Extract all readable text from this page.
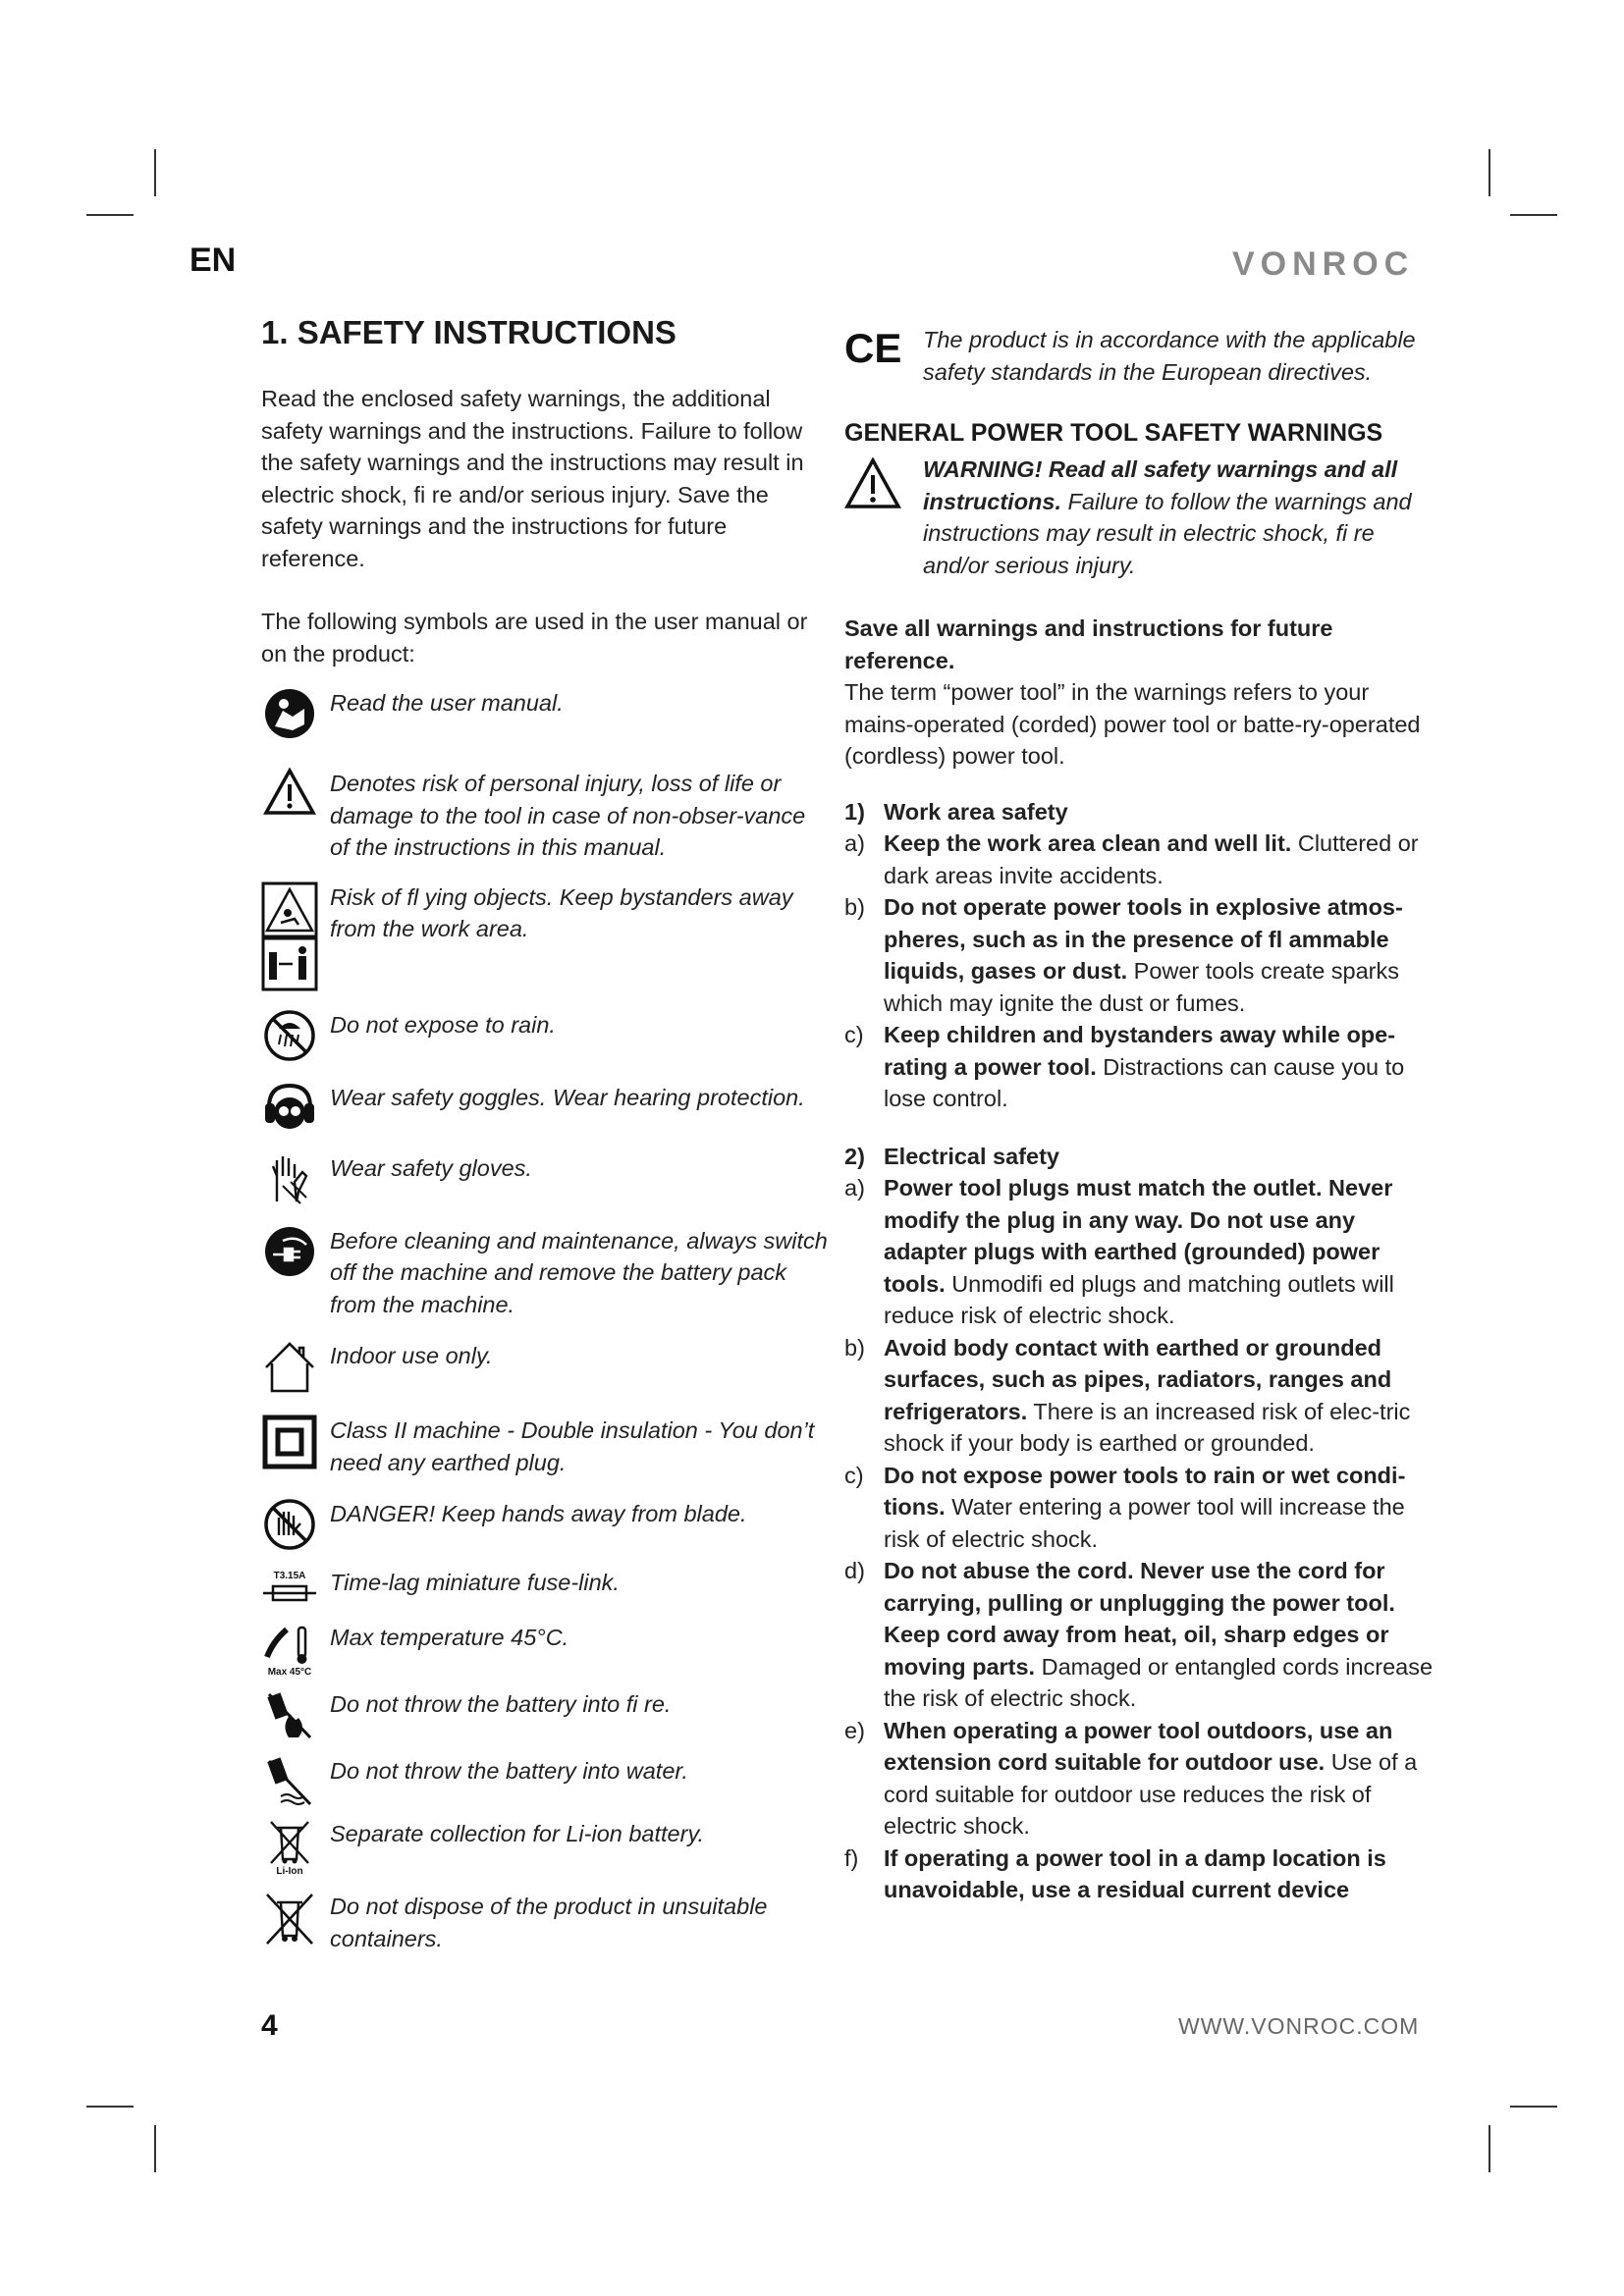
EN	VONROC
1. SAFETY INSTRUCTIONS

Read the enclosed safety warnings, the additional safety warnings and the instructions. Failure to follow the safety warnings and the instructions may result in electric shock, fi re and/or serious injury. Save the safety warnings and the instructions for future reference.

The following symbols are used in the user manual or on the product:

Read the user manual.
Denotes risk of personal injury, loss of life or damage to the tool in case of non-obser-vance of the instructions in this manual.
Risk of fl ying objects. Keep bystanders away from the work area.
Do not expose to rain.
Wear safety goggles. Wear hearing protection.
Wear safety gloves.
Before cleaning and maintenance, always switch off the machine and remove the battery pack from the machine.
Indoor use only.
Class II machine - Double insulation - You don’t need any earthed plug.
DANGER! Keep hands away from blade.
T3.15A	Time-lag miniature fuse-link.
Max 45°C
Max temperature 45°C.
Do not throw the battery into fi re.
Do not throw the battery into water.
Li-Ion
Separate collection for Li-ion battery.
Do not dispose of the product in unsuitable containers.
CE The product is in accordance with the applicable safety standards in the European directives.
GENERAL POWER TOOL SAFETY WARNINGS
WARNING! Read all safety warnings and all instructions. Failure to follow the warnings and instructions may result in electric shock, fi re and/or serious injury.
Save all warnings and instructions for future reference.

The term “power tool” in the warnings refers to your mains-operated (corded) power tool or batte-ry-operated (cordless) power tool.

1) Work area safety
a) Keep the work area clean and well lit. Cluttered or dark areas invite accidents.
b) Do not operate power tools in explosive atmos-pheres, such as in the presence of fl ammable liquids, gases or dust. Power tools create sparks which may ignite the dust or fumes.
c) Keep children and bystanders away while ope-rating a power tool. Distractions can cause you to lose control.
2) Electrical safety
a) Power tool plugs must match the outlet. Never modify the plug in any way. Do not use any adapter plugs with earthed (grounded) power tools. Unmodifi ed plugs and matching outlets will reduce risk of electric shock.
b) Avoid body contact with earthed or grounded surfaces, such as pipes, radiators, ranges and refrigerators. There is an increased risk of elec-tric shock if your body is earthed or grounded.
c) Do not expose power tools to rain or wet condi-tions. Water entering a power tool will increase the risk of electric shock.
d) Do not abuse the cord. Never use the cord for carrying, pulling or unplugging the power tool. Keep cord away from heat, oil, sharp edges or moving parts. Damaged or entangled cords increase the risk of electric shock.
e) When operating a power tool outdoors, use an extension cord suitable for outdoor use. Use of a cord suitable for outdoor use reduces the risk of electric shock.
f)	If operating a power tool in a damp location is unavoidable, use a residual current device
4	WWW.VONROC.COM
